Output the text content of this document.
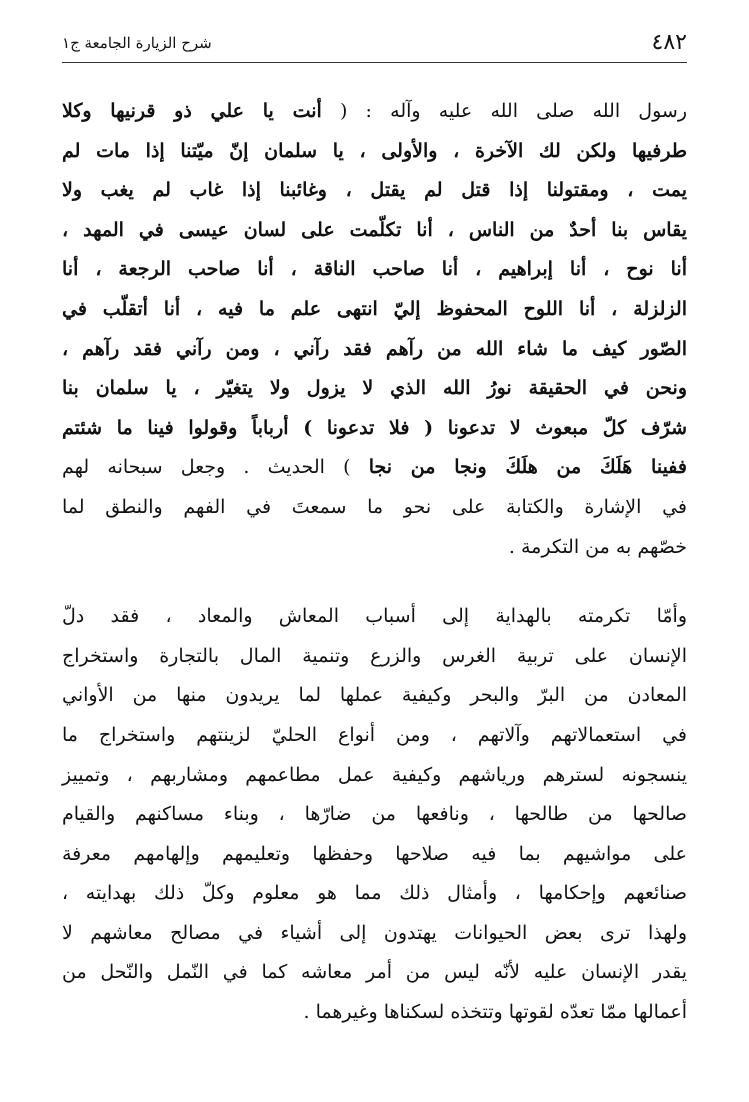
٤٨٢
شرح الزيارة الجامعة ج١
رسول الله صلى الله عليه وآله : ( أنت يا علي ذو قرنيها وكلا
طرفيها ولكن لك الآخرة ، والأولى ، يا سلمان إنّ ميّتنا إذا مات لم
يمت ، ومقتولنا إذا قتل لم يقتل ، وغائبنا إذا غاب لم يغب ولا
يقاس بنا أحدٌ من الناس ، أنا تكلّمت على لسان عيسى في المهد ،
أنا نوح ، أنا إبراهيم ، أنا صاحب الناقة ، أنا صاحب الرجعة ، أنا
الزلزلة ، أنا اللوح المحفوظ إليّ انتهى علم ما فيه ، أنا أتقلّب في
الصّور كيف ما شاء الله من رآهم فقد رآني ، ومن رآني فقد رآهم ،
ونحن في الحقيقة نورُ الله الذي لا يزول ولا يتغيّر ، يا سلمان بنا
شرّف كلّ مبعوث لا تدعونا ( فلا تدعونا ) أرباباً وقولوا فينا ما شئتم
ففينا هَلَكَ من هلَكَ ونجا من نجا ) الحديث . وجعل سبحانه لهم
في الإشارة والكتابة على نحو ما سمعتَ في الفهم والنطق لما
خصّهم به من التكرمة .
وأمّا تكرمته بالهداية إلى أسباب المعاش والمعاد ، فقد دلّ
الإنسان على تربية الغرس والزرع وتنمية المال بالتجارة واستخراج
المعادن من البرّ والبحر وكيفية عملها لما يريدون منها من الأواني
في استعمالاتهم وآلاتهم ، ومن أنواع الحليّ لزينتهم واستخراج ما
ينسجونه لسترهم ورياشهم وكيفية عمل مطاعمهم ومشاربهم ، وتمييز
صالحها من طالحها ، ونافعها من ضارّها ، وبناء مساكنهم والقيام
على مواشيهم بما فيه صلاحها وحفظها وتعليمهم وإلهامهم معرفة
صنائعهم وإحكامها ، وأمثال ذلك مما هو معلوم وكلّ ذلك بهدايته ،
ولهذا ترى بعض الحيوانات يهتدون إلى أشياء في مصالح معاشهم لا
يقدر الإنسان عليه لأنّه ليس من أمر معاشه كما في النّمل والنّحل من
أعمالها ممّا تعدّه لقوتها وتتخذه لسكناها وغيرهما .
